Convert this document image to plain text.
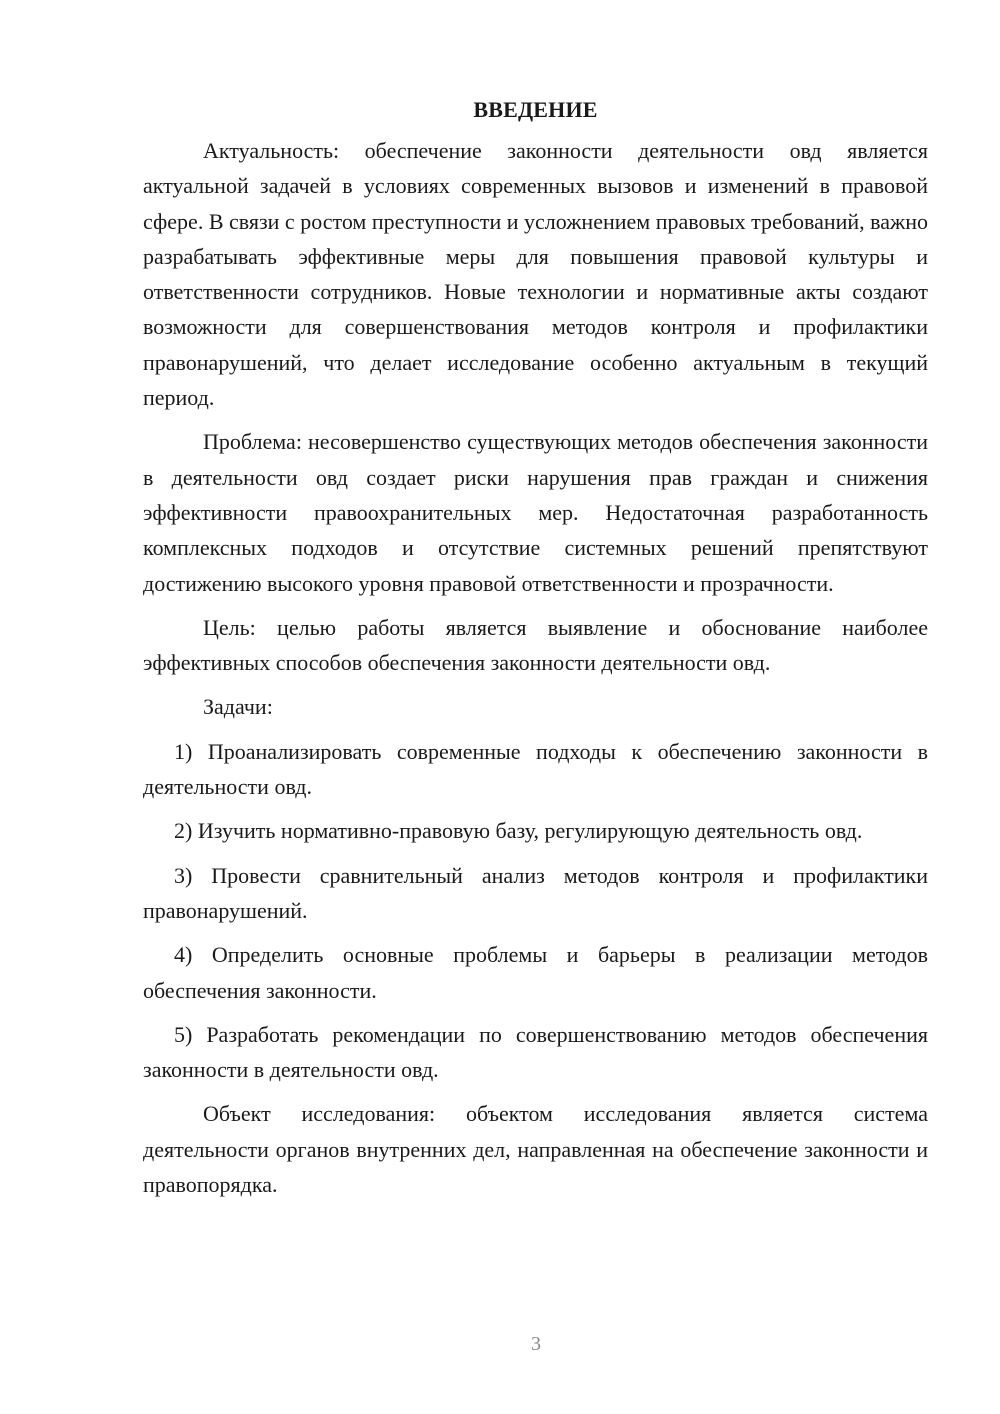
ВВЕДЕНИЕ

Актуальность: обеспечение законности деятельности овд является актуальной задачей в условиях современных вызовов и изменений в правовой сфере. В связи с ростом преступности и усложнением правовых требований, важно разрабатывать эффективные меры для повышения правовой культуры и ответственности сотрудников. Новые технологии и нормативные акты создают возможности для совершенствования методов контроля и профилактики правонарушений, что делает исследование особенно актуальным в текущий период.

Проблема: несовершенство существующих методов обеспечения законности в деятельности овд создает риски нарушения прав граждан и снижения эффективности правоохранительных мер. Недостаточная разработанность комплексных подходов и отсутствие системных решений препятствуют достижению высокого уровня правовой ответственности и прозрачности.

Цель: целью работы является выявление и обоснование наиболее эффективных способов обеспечения законности деятельности овд.

Задачи:

1) Проанализировать современные подходы к обеспечению законности в деятельности овд.

2) Изучить нормативно-правовую базу, регулирующую деятельность овд.

3) Провести сравнительный анализ методов контроля и профилактики правонарушений.

4) Определить основные проблемы и барьеры в реализации методов обеспечения законности.

5) Разработать рекомендации по совершенствованию методов обеспечения законности в деятельности овд.

Объект исследования: объектом исследования является система деятельности органов внутренних дел, направленная на обеспечение законности и правопорядка.

3
